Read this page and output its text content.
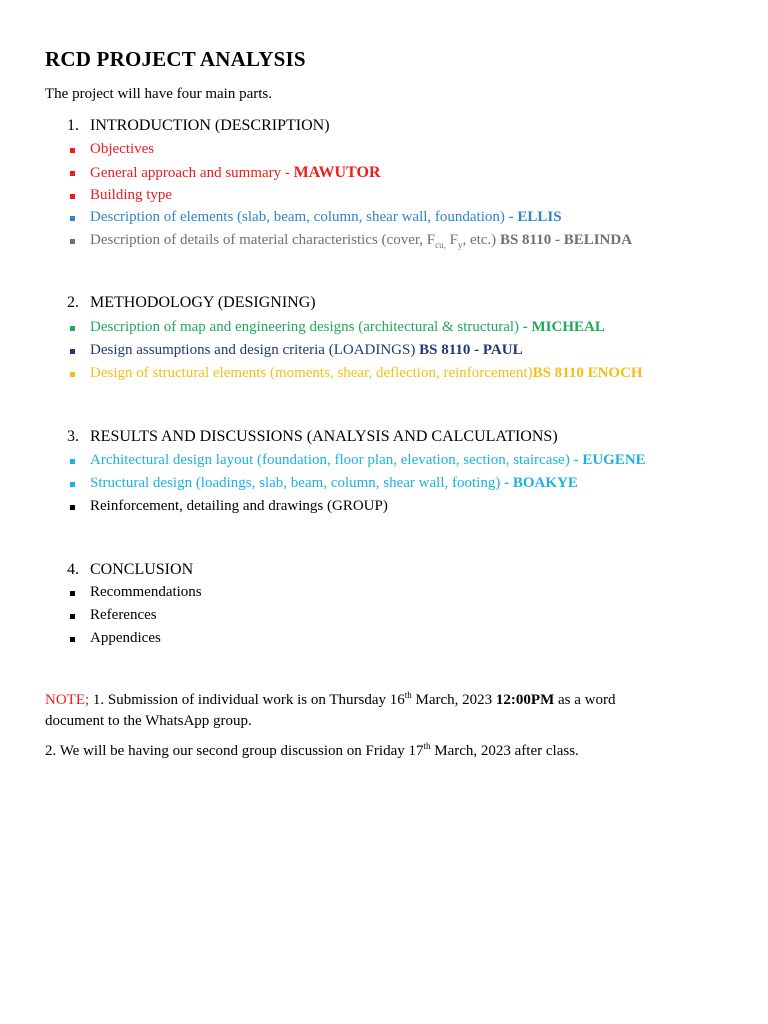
RCD PROJECT ANALYSIS
The project will have four main parts.
1. INTRODUCTION (DESCRIPTION)
Objectives
General approach and summary - MAWUTOR
Building type
Description of elements (slab, beam, column, shear wall, foundation) - ELLIS
Description of details of material characteristics (cover, $F_{cu,}$ $F_y$, etc.) BS 8110 - BELINDA
2. METHODOLOGY (DESIGNING)
Description of map and engineering designs (architectural & structural) - MICHEAL
Design assumptions and design criteria (LOADINGS) BS 8110 - PAUL
Design of structural elements (moments, shear, deflection, reinforcement)BS 8110 ENOCH
3. RESULTS AND DISCUSSIONS (ANALYSIS AND CALCULATIONS)
Architectural design layout (foundation, floor plan, elevation, section, staircase) - EUGENE
Structural design (loadings, slab, beam, column, shear wall, footing) - BOAKYE
Reinforcement, detailing and drawings (GROUP)
4. CONCLUSION
Recommendations
References
Appendices
NOTE; 1. Submission of individual work is on Thursday 16th March, 2023 12:00PM as a word
document to the WhatsApp group.
2. We will be having our second group discussion on Friday 17th March, 2023 after class.
